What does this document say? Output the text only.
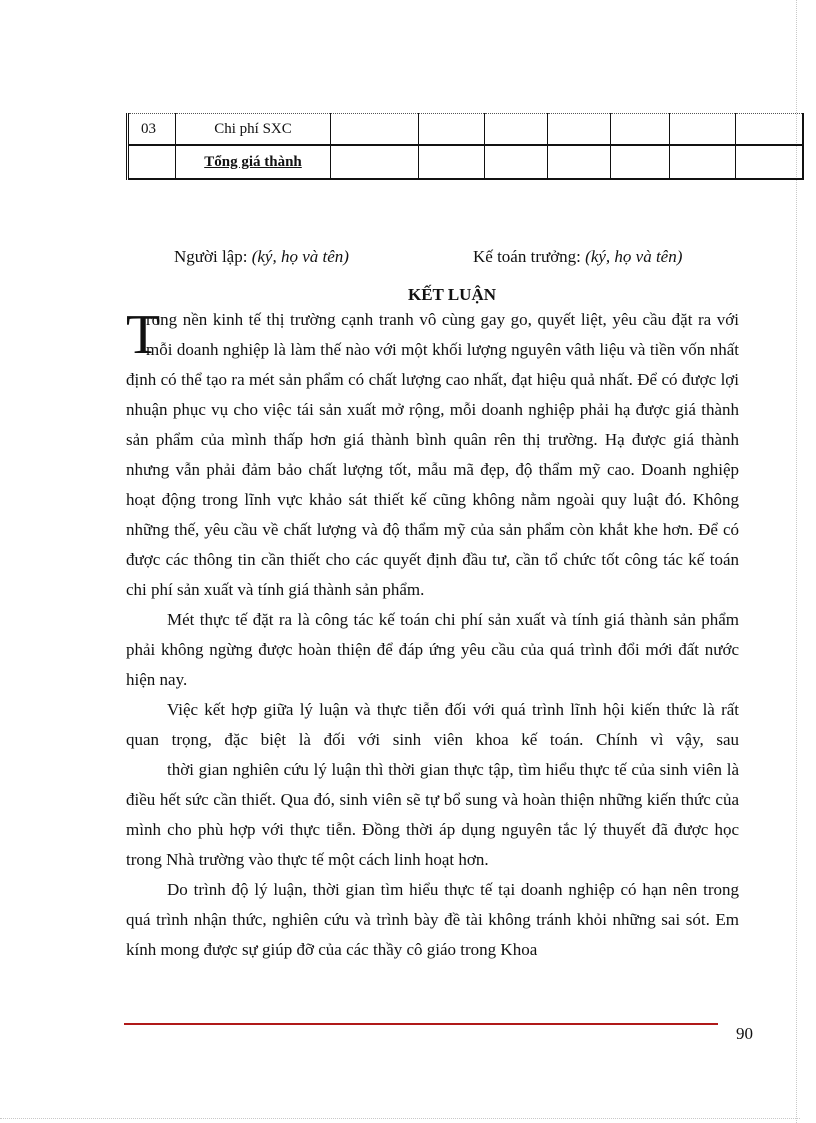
03	Chi phí SXC							
	Tổng giá thành							
Người lập: (ký, họ và tên)	Kế toán trưởng: (ký, họ và tên)
KẾT LUẬN

T
rong nền kinh tế thị trường cạnh tranh vô cùng gay go, quyết liệt, yêu cầu đặt ra với mỗi doanh nghiệp là làm thế nào với một khối lượng nguyên vâth liệu và tiền vốn nhất định có thể tạo ra mét sản phẩm có chất lượng cao nhất, đạt hiệu quả nhất. Để có được lợi nhuận phục vụ cho việc tái sản xuất mở rộng, mỗi doanh nghiệp phải hạ được giá thành sản phẩm của mình thấp hơn giá thành bình quân rên thị trường. Hạ được giá thành nhưng vẫn phải đảm bảo chất lượng tốt, mẫu mã đẹp, độ thẩm mỹ cao. Doanh nghiệp hoạt động trong lĩnh vực khảo sát thiết kế cũng không nằm ngoài quy luật đó. Không những thế, yêu cầu về chất lượng và độ thẩm mỹ của sản phẩm còn khắt khe hơn. Để có được các thông tin cần thiết cho các quyết định đầu tư, cần tổ chức tốt công tác kế toán chi phí sản xuất và tính giá thành sản phẩm.

Mét thực tế đặt ra là công tác kế toán chi phí sản xuất và tính giá thành sản phẩm phải không ngừng được hoàn thiện để đáp ứng yêu cầu của quá trình đổi mới đất nước hiện nay.

Việc kết hợp giữa lý luận và thực tiễn đối với quá trình lĩnh hội kiến thức là rất quan trọng, đặc biệt là đối với sinh viên khoa kế toán. Chính vì vậy, sau

thời gian nghiên cứu lý luận thì thời gian thực tập, tìm hiểu thực tế của sinh viên là điều hết sức cần thiết. Qua đó, sinh viên sẽ tự bổ sung và hoàn thiện những kiến thức của mình cho phù hợp với thực tiễn. Đồng thời áp dụng nguyên tắc lý thuyết đã được học trong Nhà trường vào thực tế một cách linh hoạt hơn.

Do trình độ lý luận, thời gian tìm hiểu thực tế tại doanh nghiệp có hạn nên trong quá trình nhận thức, nghiên cứu và trình bày đề tài không tránh khỏi những sai sót. Em kính mong được sự giúp đỡ của các thầy cô giáo trong Khoa

90
